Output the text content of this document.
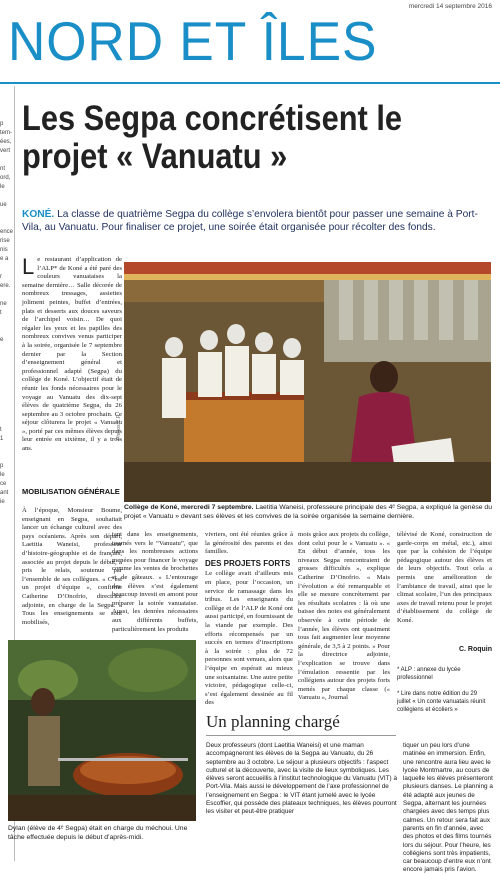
mercredi 14 septembre 2016
NORD ET ÎLES
p
tem-
ées,
vert

nt
ord,
le

ue

ence
rise
nis
e a

r
ere.

ne
t

e

t
1

p
le
ce
ant
ie
Les Segpa concrétisent le projet « Vanuatu »
KONÉ. La classe de quatrième Segpa du collège s’envolera bientôt pour passer une semaine à Port-Vila, au Vanuatu. Pour finaliser ce projet, une soirée était organisée pour récolter des fonds.
Le restaurant d’application de l’ALP* de Koné a été paré des couleurs vanuataises la semaine dernière… Salle décorée de nombreux tressages, assiettes joliment peintes, buffet d’entrées, plats et desserts aux douces saveurs de l’archipel voisin… De quoi régaler les yeux et les papilles des nombreux convives venus participer à la soirée, organisée le 7 septembre dernier par la Section d’enseignement général et professionnel adapté (Segpa) du collège de Koné. L’objectif était de réunir les fonds nécessaires pour le voyage au Vanuatu des dix-sept élèves de quatrième Segpa, du 26 septembre au 3 octobre prochain. Ce séjour clôturera le projet « Vanuatu », porté par ces mêmes élèves depuis leur entrée en sixième, il y a trois ans.
Photos C.R.
Collège de Koné, mercredi 7 septembre. Laetitia Waneisi, professeure principale des 4ᵉ Segpa, a expliqué la genèse du projet « Vanuatu » devant ses élèves et les convives de la soirée organisée la semaine dernière.
MOBILISATION GÉNÉRALE
À l’époque, Monsieur Boume, enseignant en Segpa, souhaitait lancer un échange culturel avec des pays océaniens. Après son départ, Laetitia Waneisi, professeur d’histoire-géographie et de français, associée au projet depuis le début, a pris le relais, soutenue par l’ensemble de ses collègues. « C’est un projet d’équipe », confirme Catherine D’Onofrio, directrice adjointe, en charge de la Segpa. « Tous les enseignements se sont mobilisés,
tant dans les enseignements, tournés vers le “Vanuatu”, que dans les nombreuses actions menées pour financer le voyage comme les ventes de brochettes et de gâteaux. » L’entourage des élèves s’est également beaucoup investi en amont pour préparer la soirée vanuataise. Aussi, les denrées nécessaires aux différents buffets, particulièrement les produits
vivriers, ont été réunies grâce à la générosité des parents et des familles.
DES PROJETS FORTS
Le collège avait d’ailleurs mis en place, pour l’occasion, un service de ramassage dans les tribus. Les enseignants du collège et de l’ALP de Koné ont aussi participé, en fournissant de la viande par exemple. Des efforts récompensés par un succès en termes d’inscriptions à la soirée : plus de 72 personnes sont venues, alors que l’équipe en espérait au mieux une soixantaine. Une autre petite victoire, pédagogique celle-ci, s’est également dessinée au fil des
mois grâce aux projets du collège, dont celui pour le « Vanuatu ». « En début d’année, tous les niveaux Segpa rencontraient de grosses difficultés », explique Catherine D’Onofrio. « Mais l’évolution a été remarquable et elle se mesure concrètement par les résultats scolaires : là où une baisse des notes est généralement observée à cette période de l’année, les élèves ont quasiment tous fait augmenter leur moyenne générale, de 3,5 à 2 points. » Pour la directrice adjointe, l’explication se trouve dans l’émulation ressentie par les collégiens autour des projets forts menés par chaque classe (« Vanuatu », Journal
télévisé de Koné, construction de garde-corps en métal, etc.), ainsi que par la cohésion de l’équipe pédagogique autour des élèves et de leurs objectifs. Tout cela a permis une amélioration de l’ambiance de travail, ainsi que le climat scolaire, l’un des principaux axes de travail retenu pour le projet d’établissement du collège de Koné.
C. Roquin
* ALP : annexe du lycée professionnel
* Lire dans notre édition du 29 juillet « Un conte vanuatais réunit collégiens et écoliers »
Dylan (élève de 4ᵉ Segpa) était en charge du méchoui. Une tâche effectuée depuis le début d’après-midi.
Un planning chargé
Deux professeurs (dont Laetitia Waneisi) et une maman accompagneront les élèves de la Segpa au Vanuatu, du 26 septembre au 3 octobre. Le séjour a plusieurs objectifs : l’aspect culturel et la découverte, avec la visite de lieux symboliques. Les élèves seront accueillis à l’institut technologique du Vanuatu (VIT) à Port-Vila. Mais aussi le développement de l’axe professionnel de l’enseignement en Segpa : le VIT étant jumelé avec le lycée Escoffier, qui possède des plateaux techniques, les élèves pourront les visiter et peut-être pratiquer
tiquer un peu lors d’une matinée en immersion. Enfin, une rencontre aura lieu avec le lycée Montmartre, au cours de laquelle les élèves présenteront plusieurs danses. Le planning a été adapté aux jeunes de Segpa, alternant les journées chargées avec des temps plus calmes. Un retour sera fait aux parents en fin d’année, avec des photos et des films tournés lors du séjour. Pour l’heure, les collégiens sont très impatients, car beaucoup d’entre eux n’ont encore jamais pris l’avion.
